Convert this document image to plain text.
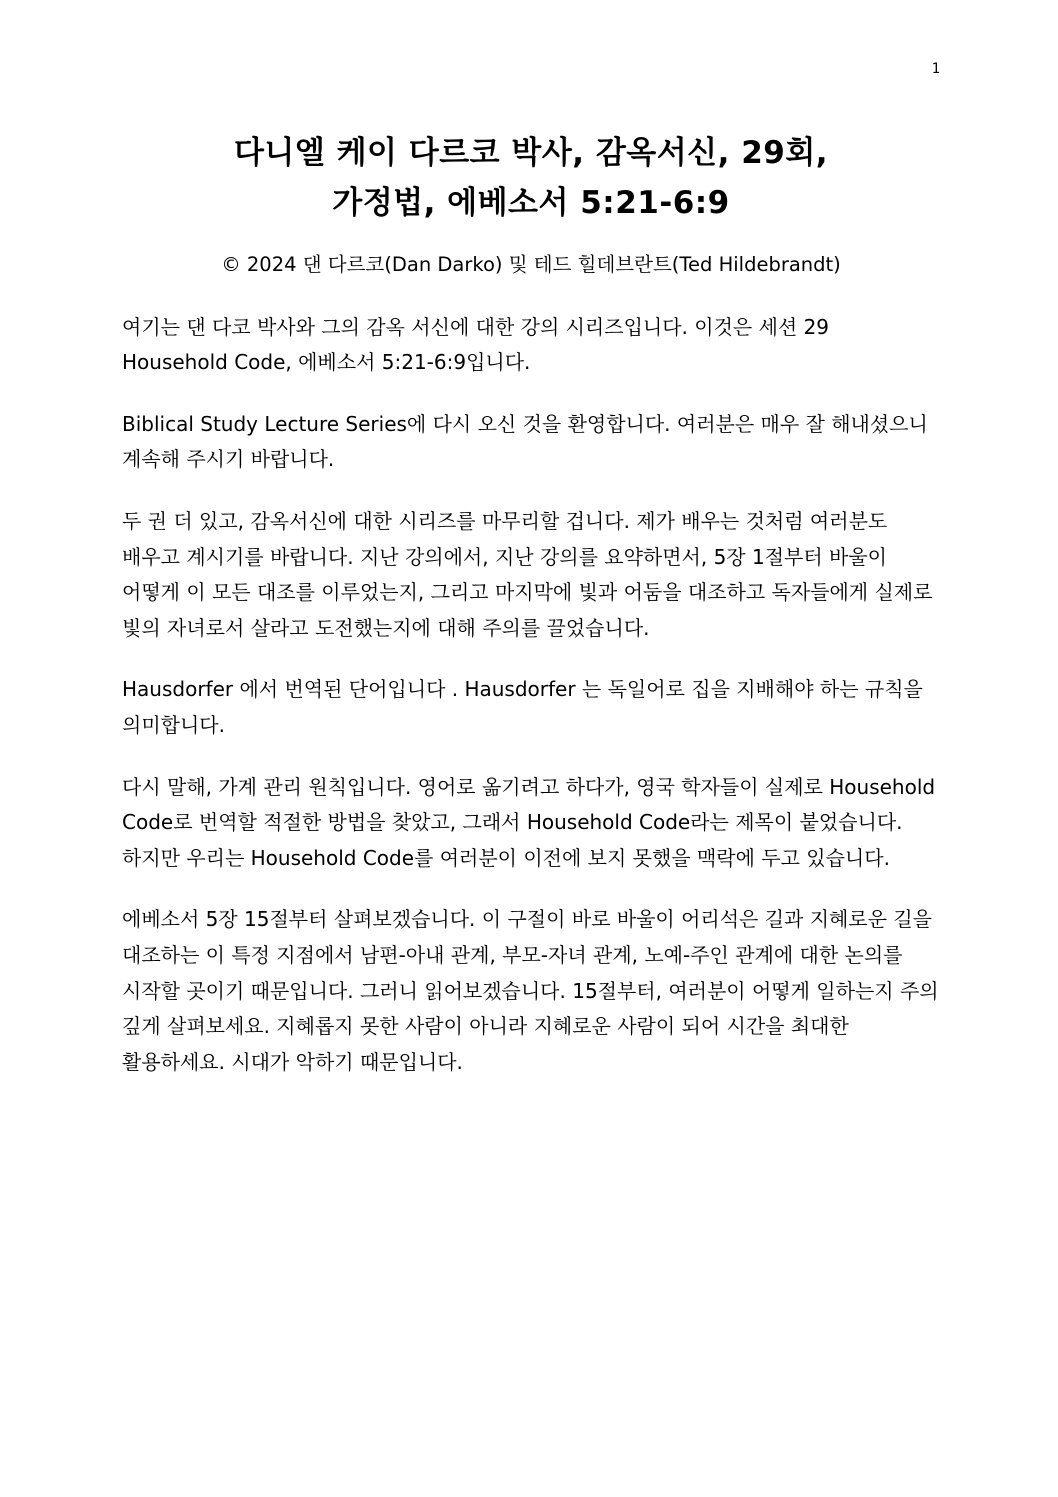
1
다니엘 케이 다르코 박사, 감옥서신, 29회,
가정법, 에베소서 5:21-6:9

© 2024 댄 다르코(Dan Darko) 및 테드 힐데브란트(Ted Hildebrandt)

여기는 댄 다코 박사와 그의 감옥 서신에 대한 강의 시리즈입니다. 이것은 세션 29 Household Code, 에베소서 5:21-6:9입니다.

Biblical Study Lecture Series에 다시 오신 것을 환영합니다. 여러분은 매우 잘 해내셨으니 계속해 주시기 바랍니다.

두 권 더 있고, 감옥서신에 대한 시리즈를 마무리할 겁니다. 제가 배우는 것처럼 여러분도 배우고 계시기를 바랍니다. 지난 강의에서, 지난 강의를 요약하면서, 5장 1절부터 바울이 어떻게 이 모든 대조를 이루었는지, 그리고 마지막에 빛과 어둠을 대조하고 독자들에게 실제로 빛의 자녀로서 살라고 도전했는지에 대해 주의를 끌었습니다.

Hausdorfer 에서 번역된 단어입니다 . Hausdorfer 는 독일어로 집을 지배해야 하는 규칙을 의미합니다.

다시 말해, 가계 관리 원칙입니다. 영어로 옮기려고 하다가, 영국 학자들이 실제로 Household Code로 번역할 적절한 방법을 찾았고, 그래서 Household Code라는 제목이 붙었습니다. 하지만 우리는 Household Code를 여러분이 이전에 보지 못했을 맥락에 두고 있습니다.

에베소서 5장 15절부터 살펴보겠습니다. 이 구절이 바로 바울이 어리석은 길과 지혜로운 길을 대조하는 이 특정 지점에서 남편-아내 관계, 부모-자녀 관계, 노예-주인 관계에 대한 논의를 시작할 곳이기 때문입니다. 그러니 읽어보겠습니다. 15절부터, 여러분이 어떻게 일하는지 주의 깊게 살펴보세요. 지혜롭지 못한 사람이 아니라 지혜로운 사람이 되어 시간을 최대한 활용하세요. 시대가 악하기 때문입니다.
